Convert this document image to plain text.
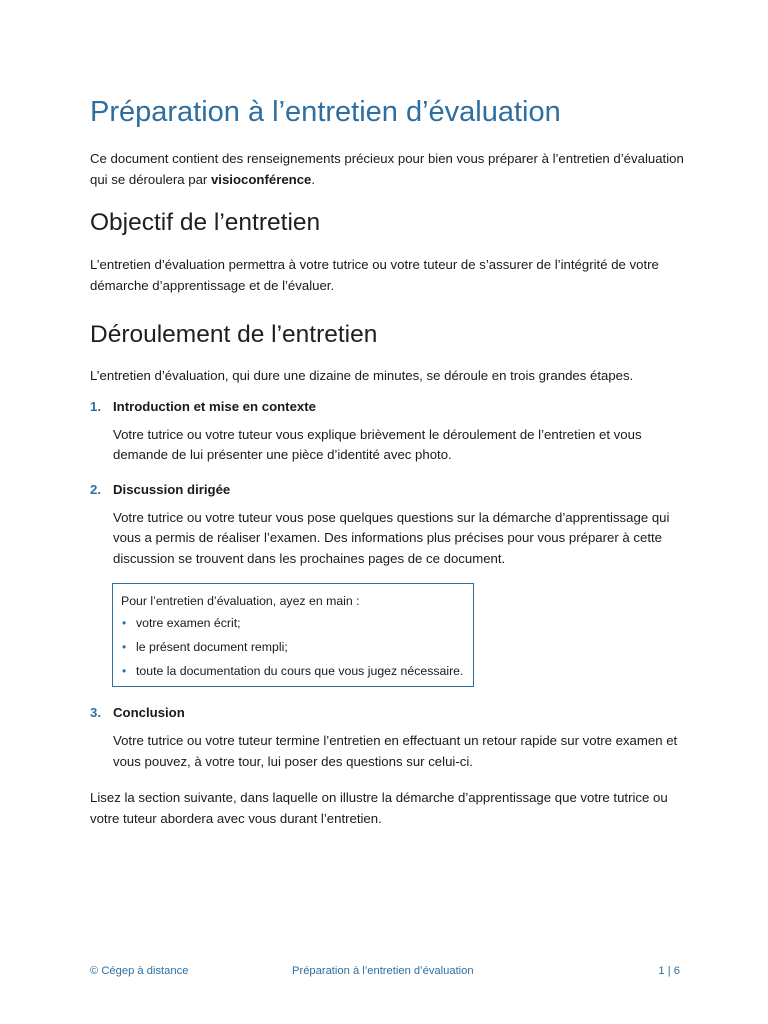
Préparation à l’entretien d’évaluation

Ce document contient des renseignements précieux pour bien vous préparer à l’entretien d’évaluation qui se déroulera par visioconférence.

Objectif de l’entretien

L’entretien d’évaluation permettra à votre tutrice ou votre tuteur de s’assurer de l’intégrité de votre démarche d’apprentissage et de l’évaluer.

Déroulement de l’entretien

L’entretien d’évaluation, qui dure une dizaine de minutes, se déroule en trois grandes étapes.

1. Introduction et mise en contexte

Votre tutrice ou votre tuteur vous explique brièvement le déroulement de l’entretien et vous demande de lui présenter une pièce d’identité avec photo.

2. Discussion dirigée

Votre tutrice ou votre tuteur vous pose quelques questions sur la démarche d’apprentissage qui vous a permis de réaliser l’examen. Des informations plus précises pour vous préparer à cette discussion se trouvent dans les prochaines pages de ce document.

Pour l’entretien d’évaluation, ayez en main :
• votre examen écrit;
• le présent document rempli;
• toute la documentation du cours que vous jugez nécessaire.
3. Conclusion

Votre tutrice ou votre tuteur termine l’entretien en effectuant un retour rapide sur votre examen et vous pouvez, à votre tour, lui poser des questions sur celui-ci.

Lisez la section suivante, dans laquelle on illustre la démarche d’apprentissage que votre tutrice ou votre tuteur abordera avec vous durant l’entretien.

© Cégep à distance	Préparation à l’entretien d’évaluation	1 | 6
